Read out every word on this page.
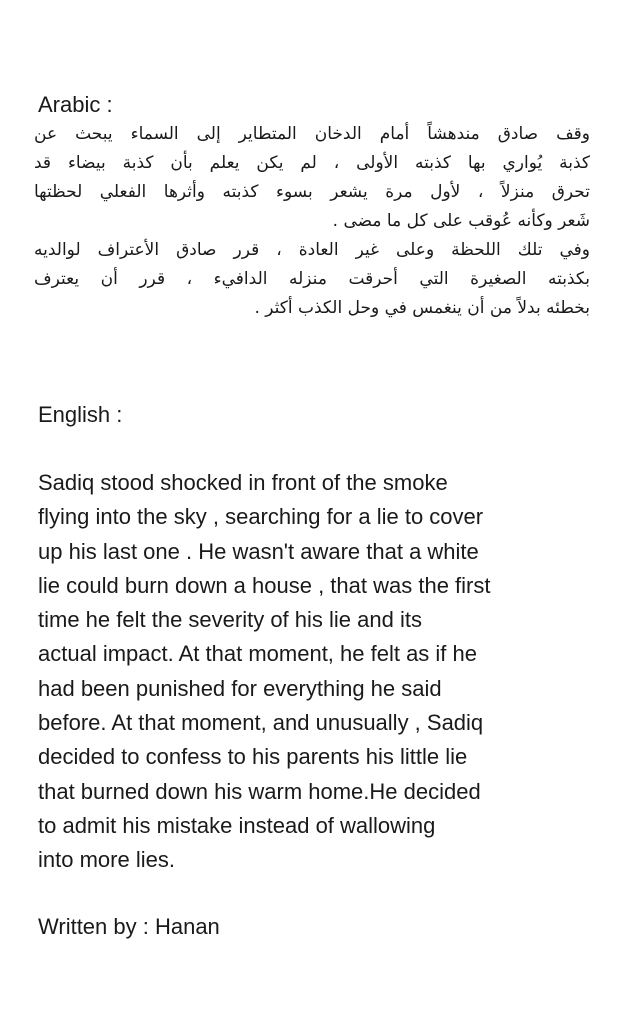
Arabic :
وقف صادق مندهشاً أمام الدخان المتطاير إلى السماء يبحث عن
كذبة يُواري بها كذبته الأولى ، لم يكن يعلم بأن كذبة بيضاء قد
تحرق منزلاً ، لأول مرة يشعر بسوء كذبته وأثرها الفعلي لحظتها
شَعر وكأنه عُوقب على كل ما مضى .
وفي تلك اللحظة وعلى غير العادة ، قرر صادق الأعتراف لوالديه
بكذبته الصغيرة التي أحرقت منزله الدافيء ، قرر أن يعترف
بخطئه بدلاً من أن ينغمس في وحل الكذب أكثر .
English :
Sadiq stood shocked in front of the smoke
flying into the sky , searching for a lie to cover
up his last one . He wasn't aware that a white
lie could burn down a house , that was the first
time he felt the severity of his lie and its
actual impact. At that moment, he felt as if he
had been punished for everything he said
before. At that moment, and unusually , Sadiq
decided to confess to his parents his little lie
that burned down his warm home.He decided
to admit his mistake instead of wallowing
into more lies.
Written by : Hanan
